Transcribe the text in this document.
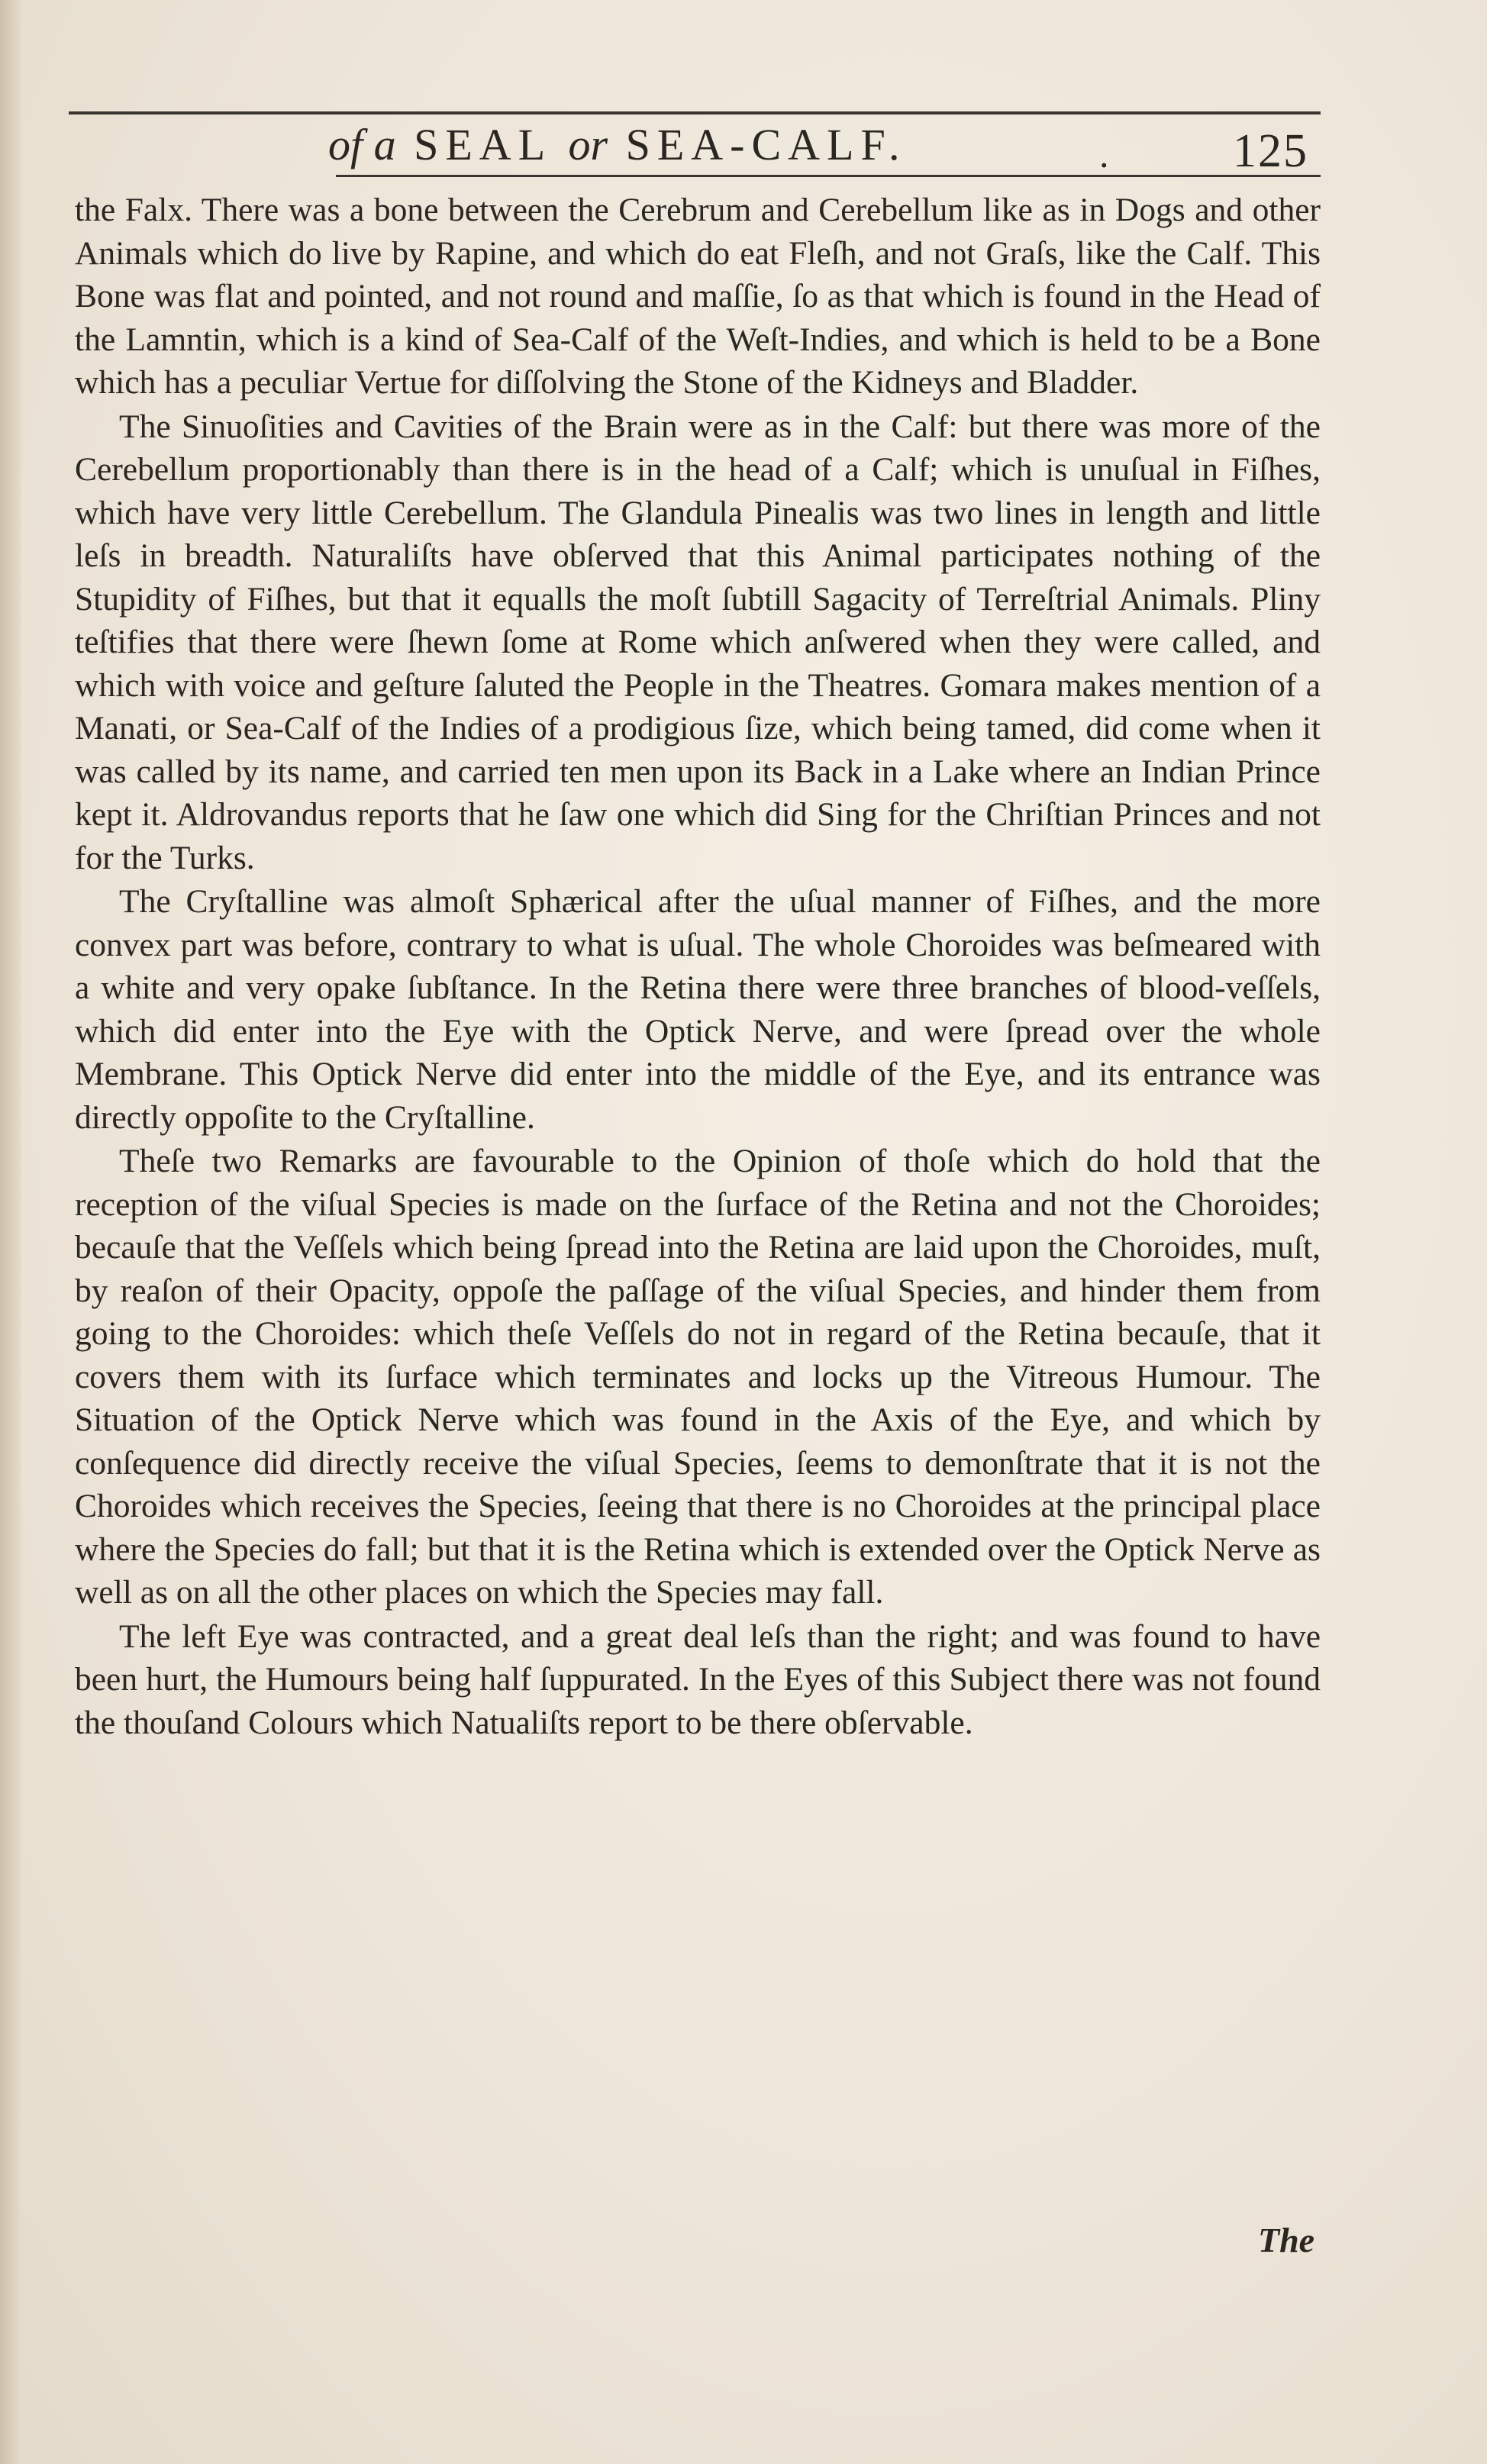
of a SEAL or SEA-CALF.	.	125

the Falx. There was a bone between the Cerebrum and Cerebellum like as in Dogs and other Animals which do live by Rapine, and which do eat Fleſh, and not Graſs, like the Calf. This Bone was flat and pointed, and not round and maſſie, ſo as that which is found in the Head of the Lamntin, which is a kind of Sea-Calf of the Weſt-Indies, and which is held to be a Bone which has a peculiar Vertue for diſſolving the Stone of the Kidneys and Bladder.

The Sinuoſities and Cavities of the Brain were as in the Calf: but there was more of the Cerebellum proportionably than there is in the head of a Calf; which is unuſual in Fiſhes, which have very little Cerebellum. The Glandula Pinealis was two lines in length and little leſs in breadth. Naturaliſts have obſerved that this Animal participates nothing of the Stupidity of Fiſhes, but that it equalls the moſt ſubtill Sagacity of Terreſtrial Animals. Pliny teſtifies that there were ſhewn ſome at Rome which anſwered when they were called, and which with voice and geſture ſaluted the People in the Theatres. Gomara makes mention of a Manati, or Sea-Calf of the Indies of a prodigious ſize, which being tamed, did come when it was called by its name, and carried ten men upon its Back in a Lake where an Indian Prince kept it. Aldrovandus reports that he ſaw one which did Sing for the Chriſtian Princes and not for the Turks.

The Cryſtalline was almoſt Sphærical after the uſual manner of Fiſhes, and the more convex part was before, contrary to what is uſual. The whole Choroides was beſmeared with a white and very opake ſubſtance. In the Retina there were three branches of blood-veſſels, which did enter into the Eye with the Optick Nerve, and were ſpread over the whole Membrane. This Optick Nerve did enter into the middle of the Eye, and its entrance was directly oppoſite to the Cryſtalline.

Theſe two Remarks are favourable to the Opinion of thoſe which do hold that the reception of the viſual Species is made on the ſurface of the Retina and not the Choroides; becauſe that the Veſſels which being ſpread into the Retina are laid upon the Choroides, muſt, by reaſon of their Opacity, oppoſe the paſſage of the viſual Species, and hinder them from going to the Choroides: which theſe Veſſels do not in regard of the Retina becauſe, that it covers them with its ſurface which terminates and locks up the Vitreous Humour. The Situation of the Optick Nerve which was found in the Axis of the Eye, and which by conſequence did directly receive the viſual Species, ſeems to demonſtrate that it is not the Choroides which receives the Species, ſeeing that there is no Choroides at the principal place where the Species do fall; but that it is the Retina which is extended over the Optick Nerve as well as on all the other places on which the Species may fall.

The left Eye was contracted, and a great deal leſs than the right; and was found to have been hurt, the Humours being half ſuppurated. In the Eyes of this Subject there was not found the thouſand Colours which Natualiſts report to be there obſervable.

The
